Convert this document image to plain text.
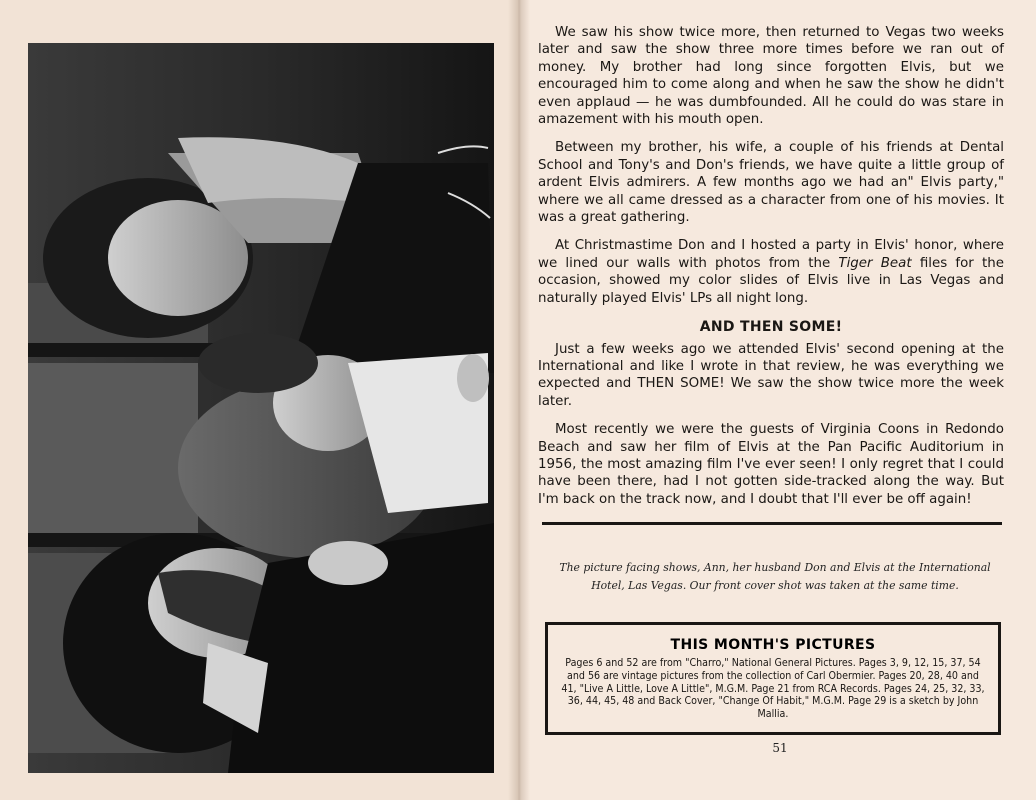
We saw his show twice more, then returned to Vegas two weeks later and saw the show three more times before we ran out of money. My brother had long since forgotten Elvis, but we encouraged him to come along and when he saw the show he didn't even applaud — he was dumbfounded. All he could do was stare in amazement with his mouth open.

Between my brother, his wife, a couple of his friends at Dental School and Tony's and Don's friends, we have quite a little group of ardent Elvis admirers. A few months ago we had an" Elvis party," where we all came dressed as a character from one of his movies. It was a great gathering.

At Christmastime Don and I hosted a party in Elvis' honor, where we lined our walls with photos from the Tiger Beat files for the occasion, showed my color slides of Elvis live in Las Vegas and naturally played Elvis' LPs all night long.

AND THEN SOME!

Just a few weeks ago we attended Elvis' second opening at the International and like I wrote in that review, he was everything we expected and THEN SOME! We saw the show twice more the week later.

Most recently we were the guests of Virginia Coons in Redondo Beach and saw her film of Elvis at the Pan Pacific Auditorium in 1956, the most amazing film I've ever seen! I only regret that I could have been there, had I not gotten side-tracked along the way. But I'm back on the track now, and I doubt that I'll ever be off again!

The picture facing shows, Ann, her husband Don and Elvis at the International Hotel, Las Vegas. Our front cover shot was taken at the same time.
THIS MONTH'S PICTURES
Pages 6 and 52 are from "Charro," National General Pictures. Pages 3, 9, 12, 15, 37, 54 and 56 are vintage pictures from the collection of Carl Obermier. Pages 20, 28, 40 and 41, "Live A Little, Love A Little", M.G.M. Page 21 from RCA Records. Pages 24, 25, 32, 33, 36, 44, 45, 48 and Back Cover, "Change Of Habit," M.G.M. Page 29 is a sketch by John Mallia.
51
